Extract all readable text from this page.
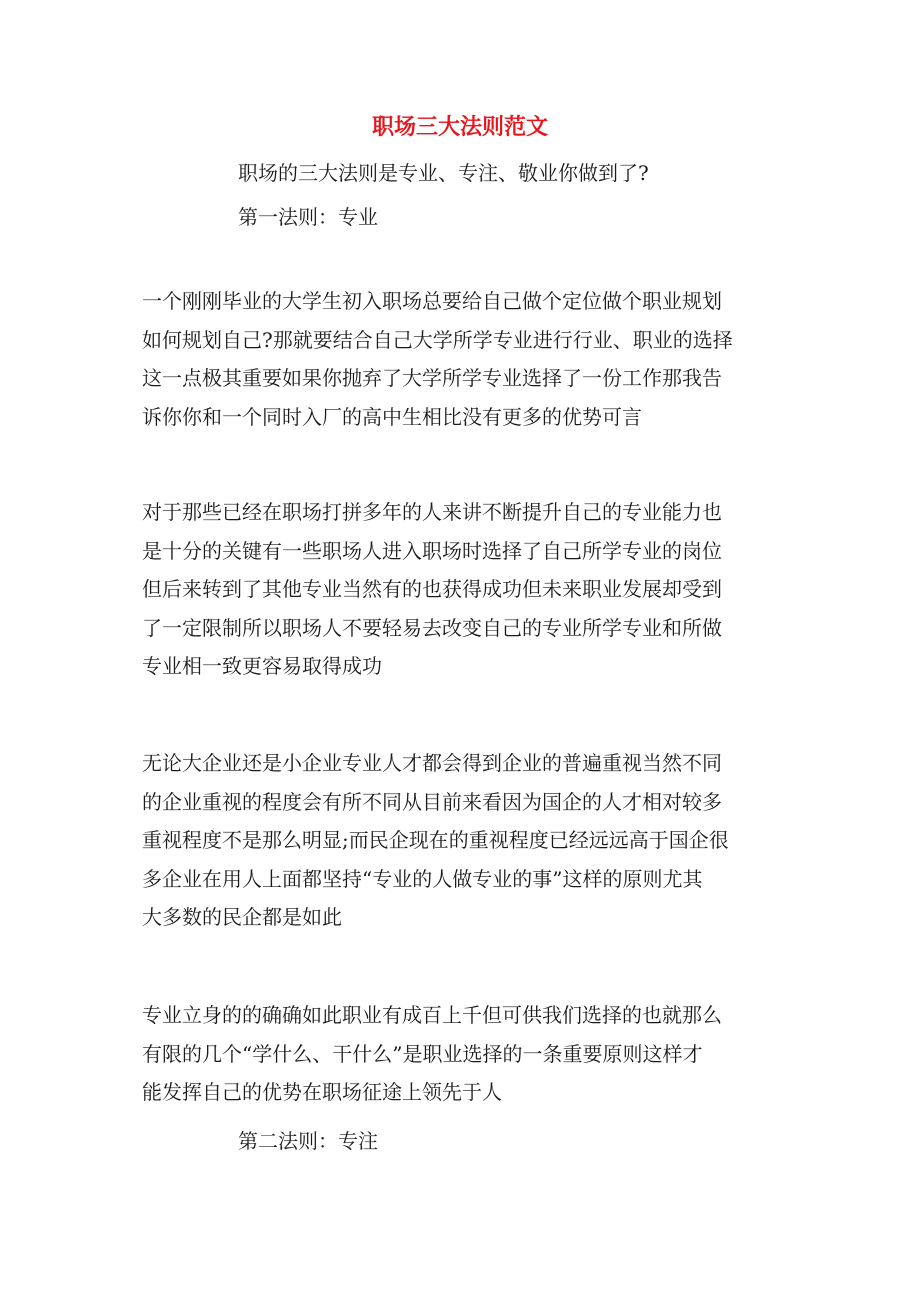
职场三大法则范文

职场的三大法则是专业、专注、敬业你做到了?

第一法则：专业

一个刚刚毕业的大学生初入职场总要给自己做个定位做个职业规划
如何规划自己?那就要结合自己大学所学专业进行行业、职业的选择
这一点极其重要如果你抛弃了大学所学专业选择了一份工作那我告
诉你你和一个同时入厂的高中生相比没有更多的优势可言
对于那些已经在职场打拼多年的人来讲不断提升自己的专业能力也
是十分的关键有一些职场人进入职场时选择了自己所学专业的岗位
但后来转到了其他专业当然有的也获得成功但未来职业发展却受到
了一定限制所以职场人不要轻易去改变自己的专业所学专业和所做
专业相一致更容易取得成功
无论大企业还是小企业专业人才都会得到企业的普遍重视当然不同
的企业重视的程度会有所不同从目前来看因为国企的人才相对较多
重视程度不是那么明显;而民企现在的重视程度已经远远高于国企很
多企业在用人上面都坚持“专业的人做专业的事”这样的原则尤其
大多数的民企都是如此
专业立身的的确确如此职业有成百上千但可供我们选择的也就那么
有限的几个“学什么、干什么”是职业选择的一条重要原则这样才
能发挥自己的优势在职场征途上领先于人

第二法则：专注
